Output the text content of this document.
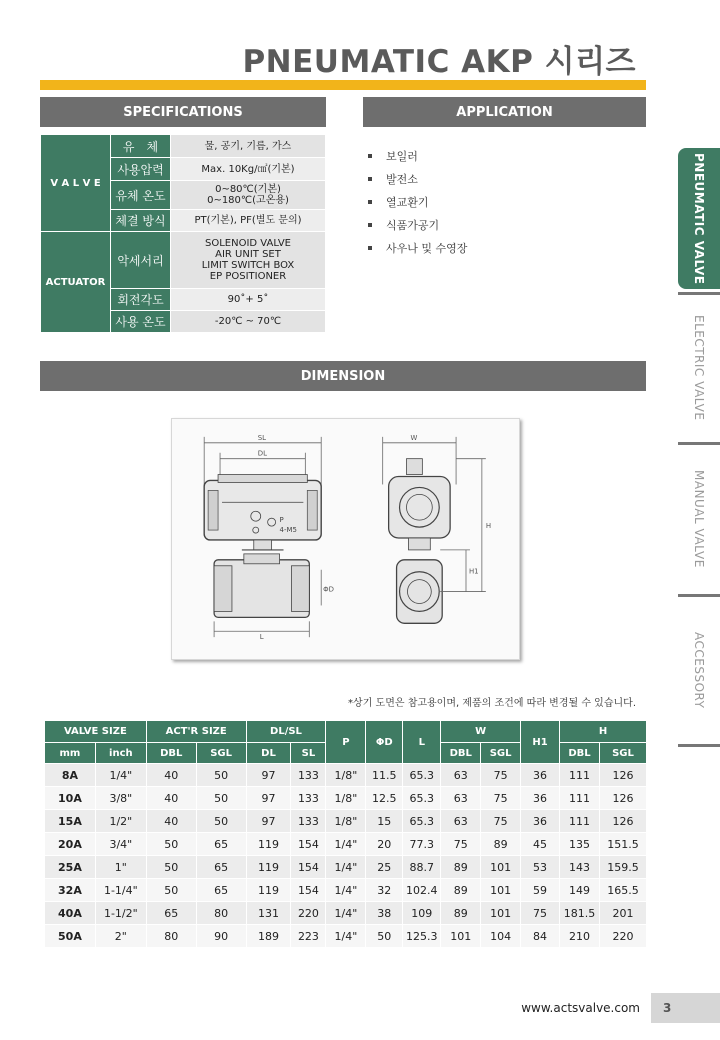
PNEUMATIC AKP 시리즈
SPECIFICATIONS	APPLICATION
V A L V E	유　체	물, 공기, 기름, 가스
	사용압력	Max. 10Kg/㎠(기본)
	유체 온도	0~80℃(기본)
0~180℃(고온용)
	체결 방식	PT(기본), PF(별도 문의)
ACTUATOR	악세서리	SOLENOID VALVE
AIR UNIT SET
LIMIT SWITCH BOX
EP POSITIONER
	회전각도	90˚+ 5˚
	사용 온도	-20℃ ~ 70℃
보일러
발전소
열교환기
식품가공기
사우나 및 수영장
DIMENSION
SL
DL
P
4-M5
ΦD
L
W
H
H1
*상기 도면은 참고용이며, 제품의 조건에 따라 변경될 수 있습니다.
VALVE SIZE		ACT'R SIZE		DL/SL		P	ΦD	L	W		H1	H	
mm	inch	DBL	SGL	DL	SL				DBL	SGL		DBL	SGL
8A	1/4"	40	50	97	133	1/8"	11.5	65.3	63	75	36	111	126
10A	3/8"	40	50	97	133	1/8"	12.5	65.3	63	75	36	111	126
15A	1/2"	40	50	97	133	1/8"	15	65.3	63	75	36	111	126
20A	3/4"	50	65	119	154	1/4"	20	77.3	75	89	45	135	151.5
25A	1"	50	65	119	154	1/4"	25	88.7	89	101	53	143	159.5
32A	1-1/4"	50	65	119	154	1/4"	32	102.4	89	101	59	149	165.5
40A	1-1/2"	65	80	131	220	1/4"	38	109	89	101	75	181.5	201
50A	2"	80	90	189	223	1/4"	50	125.3	101	104	84	210	220
PNEUMATIC VALVE
ELECTRIC VALVE
MANUAL VALVE
ACCESSORY
www.actsvalve.com	3
